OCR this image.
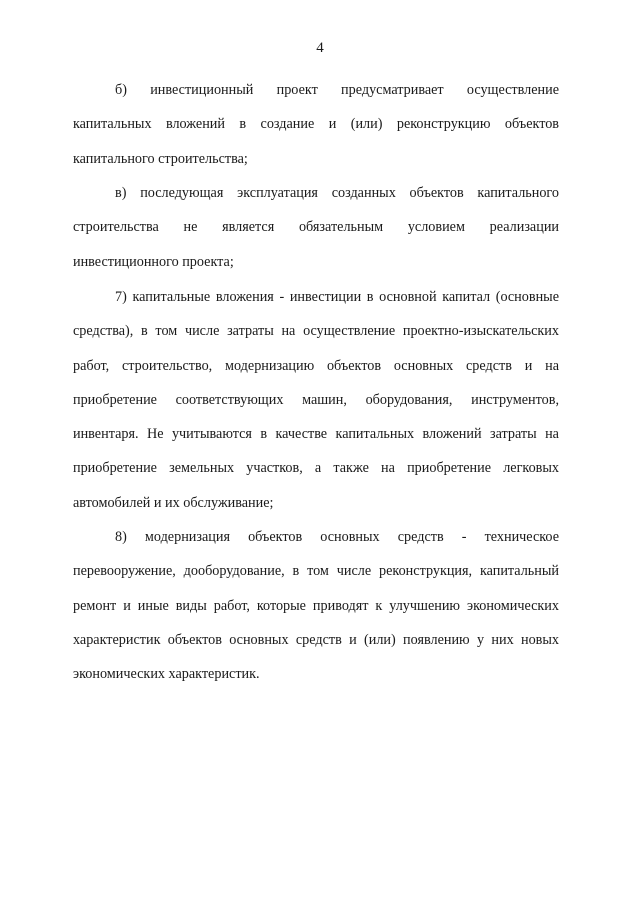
4

б) инвестиционный проект предусматривает осуществление капитальных вложений в создание и (или) реконструкцию объектов капитального строительства;

в) последующая эксплуатация созданных объектов капитального строительства не является обязательным условием реализации инвестиционного проекта;

7) капитальные вложения - инвестиции в основной капитал (основные средства), в том числе затраты на осуществление проектно-изыскательских работ, строительство, модернизацию объектов основных средств и на приобретение соответствующих машин, оборудования, инструментов, инвентаря. Не учитываются в качестве капитальных вложений затраты на приобретение земельных участков, а также на приобретение легковых автомобилей и их обслуживание;

8) модернизация объектов основных средств - техническое перевооружение, дооборудование, в том числе реконструкция, капитальный ремонт и иные виды работ, которые приводят к улучшению экономических характеристик объектов основных средств и (или) появлению у них новых экономических характеристик.
